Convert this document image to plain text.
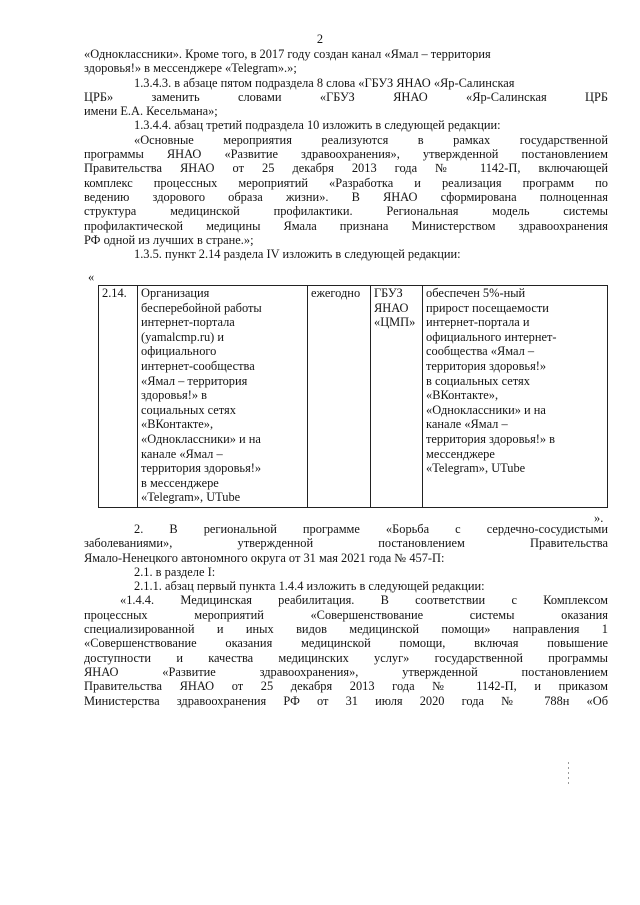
2
«Одноклассники». Кроме того, в 2017 году создан канал «Ямал – территория
здоровья!» в мессенджере «Telegram».»;
1.3.4.3. в абзаце пятом подраздела 8 слова «ГБУЗ ЯНАО «Яр-Салинская
ЦРБ» заменить словами «ГБУЗ ЯНАО «Яр-Салинская ЦРБ
имени Е.А. Кесельмана»;
1.3.4.4. абзац третий подраздела 10 изложить в следующей редакции:
«Основные мероприятия реализуются в рамках государственной
программы ЯНАО «Развитие здравоохранения», утвержденной постановлением
Правительства ЯНАО от 25 декабря 2013 года № 1142-П, включающей
комплекс процессных мероприятий «Разработка и реализация программ по
ведению здорового образа жизни». В ЯНАО сформирована полноценная
структура медицинской профилактики. Региональная модель системы
профилактической медицины Ямала признана Министерством здравоохранения
РФ одной из лучших в стране.»;
1.3.5. пункт 2.14 раздела IV изложить в следующей редакции:
«
2.14.	Организация
бесперебойной работы
интернет-портала
(yamalcmp.ru) и
официального
интернет-сообщества
«Ямал – территория
здоровья!» в
социальных сетях
«ВКонтакте»,
«Одноклассники» и на
канале «Ямал –
территория здоровья!»
в мессенджере
«Telegram», UTube
	ежегодно	ГБУЗ
ЯНАО
«ЦМП»

обеспечен 5%-ный
прирост посещаемости
интернет-портала и
официального интернет-
сообщества «Ямал –
территория здоровья!»
в социальных сетях
«ВКонтакте»,
«Одноклассники» и на
канале «Ямал –
территория здоровья!» в
мессенджере
«Telegram», UTube
».
2. В региональной программе «Борьба с сердечно-сосудистыми
заболеваниями», утвержденной постановлением Правительства
Ямало-Ненецкого автономного округа от 31 мая 2021 года № 457-П:
2.1. в разделе I:
2.1.1. абзац первый пункта 1.4.4 изложить в следующей редакции:
«1.4.4. Медицинская реабилитация. В соответствии с Комплексом
процессных мероприятий «Совершенствование системы оказания
специализированной и иных видов медицинской помощи» направления 1
«Совершенствование оказания медицинской помощи, включая повышение
доступности и качества медицинских услуг» государственной программы
ЯНАО «Развитие здравоохранения», утвержденной постановлением
Правительства ЯНАО от 25 декабря 2013 года № 1142-П, и приказом
Министерства здравоохранения РФ от 31 июля 2020 года № 788н «Об
